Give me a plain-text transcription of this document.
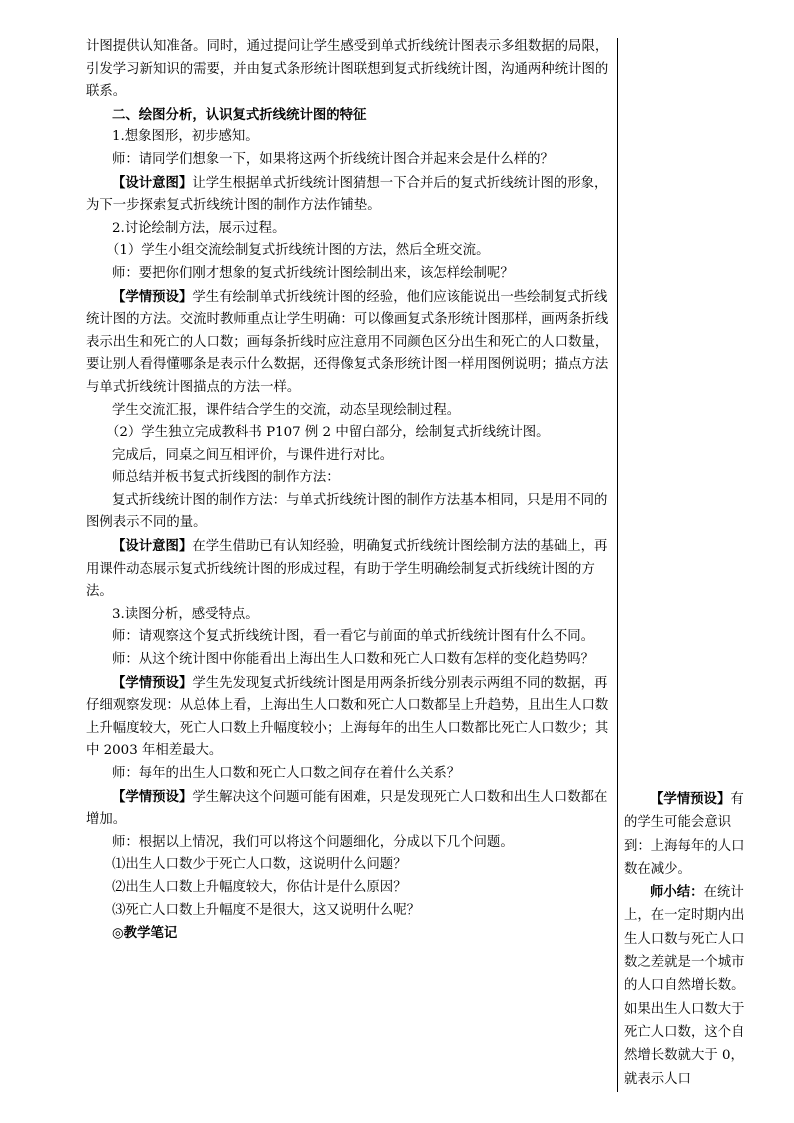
计图提供认知准备。同时，通过提问让学生感受到单式折线统计图表示多组数据的局限，引发学习新知识的需要，并由复式条形统计图联想到复式折线统计图，沟通两种统计图的联系。

二、绘图分析，认识复式折线统计图的特征

1.想象图形，初步感知。

师：请同学们想象一下，如果将这两个折线统计图合并起来会是什么样的？

【设计意图】让学生根据单式折线统计图猜想一下合并后的复式折线统计图的形象，为下一步探索复式折线统计图的制作方法作铺垫。

2.讨论绘制方法，展示过程。

（1）学生小组交流绘制复式折线统计图的方法，然后全班交流。

师：要把你们刚才想象的复式折线统计图绘制出来，该怎样绘制呢？

【学情预设】学生有绘制单式折线统计图的经验，他们应该能说出一些绘制复式折线统计图的方法。交流时教师重点让学生明确：可以像画复式条形统计图那样，画两条折线表示出生和死亡的人口数；画每条折线时应注意用不同颜色区分出生和死亡的人口数量，要让别人看得懂哪条是表示什么数据，还得像复式条形统计图一样用图例说明；描点方法与单式折线统计图描点的方法一样。

学生交流汇报，课件结合学生的交流，动态呈现绘制过程。

（2）学生独立完成教科书 P107 例 2 中留白部分，绘制复式折线统计图。

完成后，同桌之间互相评价，与课件进行对比。

师总结并板书复式折线图的制作方法：

复式折线统计图的制作方法：与单式折线统计图的制作方法基本相同，只是用不同的图例表示不同的量。

【设计意图】在学生借助已有认知经验，明确复式折线统计图绘制方法的基础上，再用课件动态展示复式折线统计图的形成过程，有助于学生明确绘制复式折线统计图的方法。

3.读图分析，感受特点。

师：请观察这个复式折线统计图，看一看它与前面的单式折线统计图有什么不同。

师：从这个统计图中你能看出上海出生人口数和死亡人口数有怎样的变化趋势吗？

【学情预设】学生先发现复式折线统计图是用两条折线分别表示两组不同的数据，再仔细观察发现：从总体上看，上海出生人口数和死亡人口数都呈上升趋势，且出生人口数上升幅度较大，死亡人口数上升幅度较小；上海每年的出生人口数都比死亡人口数少；其中 2003 年相差最大。

师：每年的出生人口数和死亡人口数之间存在着什么关系？

【学情预设】学生解决这个问题可能有困难，只是发现死亡人口数和出生人口数都在增加。

师：根据以上情况，我们可以将这个问题细化，分成以下几个问题。

⑴出生人口数少于死亡人口数，这说明什么问题？

⑵出生人口数上升幅度较大，你估计是什么原因？

⑶死亡人口数上升幅度不是很大，这又说明什么呢？

◎教学笔记

【学情预设】有的学生可能会意识到：上海每年的人口数在减少。

师小结：在统计上，在一定时期内出生人口数与死亡人口数之差就是一个城市的人口自然增长数。如果出生人口数大于死亡人口数，这个自然增长数就大于 0，就表示人口
